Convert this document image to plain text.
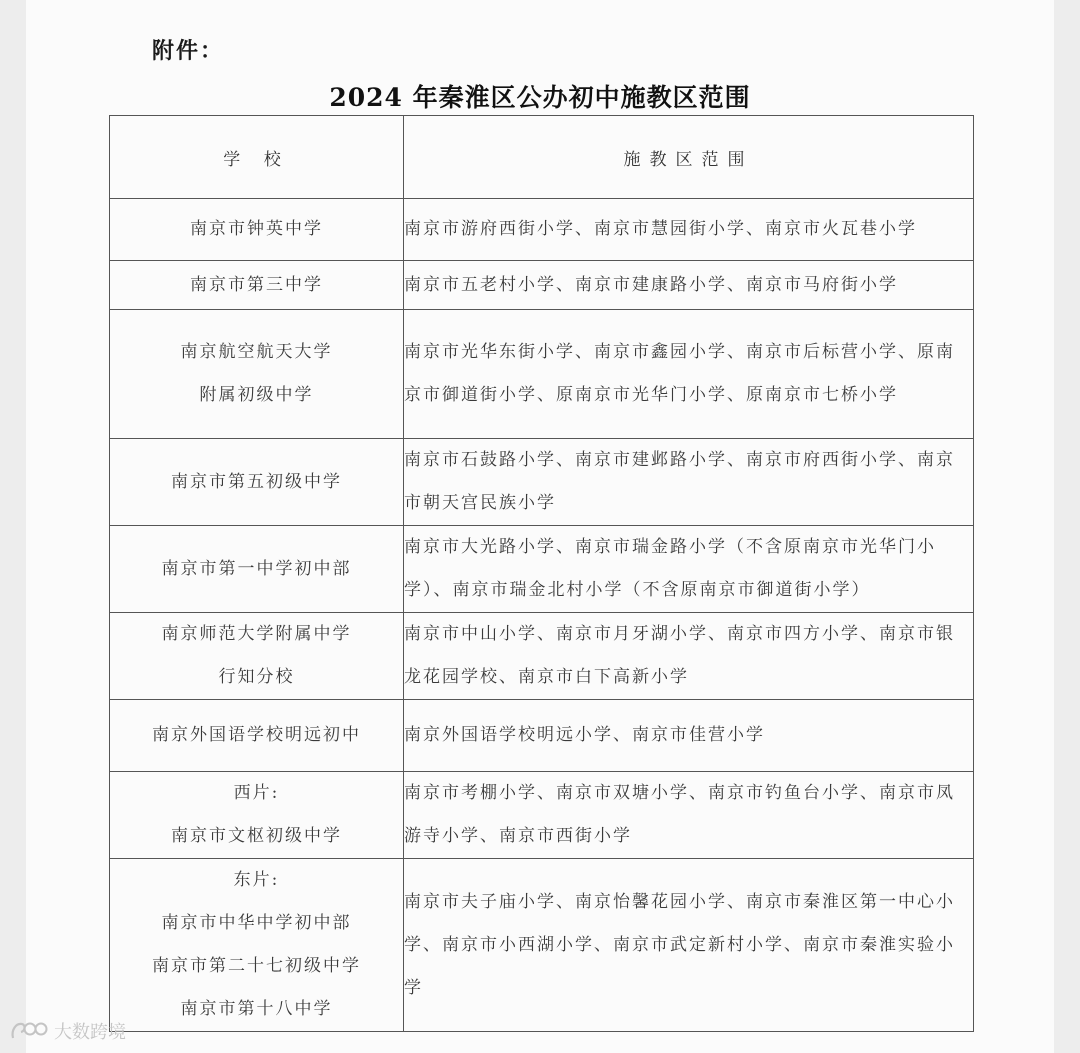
附件：
2024 年秦淮区公办初中施教区范围
学 校	施教区范围
南京市钟英中学	南京市游府西街小学、南京市慧园街小学、南京市火瓦巷小学
南京市第三中学	南京市五老村小学、南京市建康路小学、南京市马府街小学
南京航空航天大学
附属初级中学	南京市光华东街小学、南京市鑫园小学、南京市后标营小学、原南京市御道街小学、原南京市光华门小学、原南京市七桥小学
南京市第五初级中学	南京市石鼓路小学、南京市建邺路小学、南京市府西街小学、南京市朝天宫民族小学
南京市第一中学初中部	南京市大光路小学、南京市瑞金路小学（不含原南京市光华门小学）、南京市瑞金北村小学（不含原南京市御道街小学）
南京师范大学附属中学
行知分校	南京市中山小学、南京市月牙湖小学、南京市四方小学、南京市银龙花园学校、南京市白下高新小学
南京外国语学校明远初中	南京外国语学校明远小学、南京市佳营小学
西片:
南京市文枢初级中学	南京市考棚小学、南京市双塘小学、南京市钓鱼台小学、南京市凤游寺小学、南京市西街小学
东片:
南京市中华中学初中部
南京市第二十七初级中学
南京市第十八中学	南京市夫子庙小学、南京怡馨花园小学、南京市秦淮区第一中心小学、南京市小西湖小学、南京市武定新村小学、南京市秦淮实验小学
大数跨境
